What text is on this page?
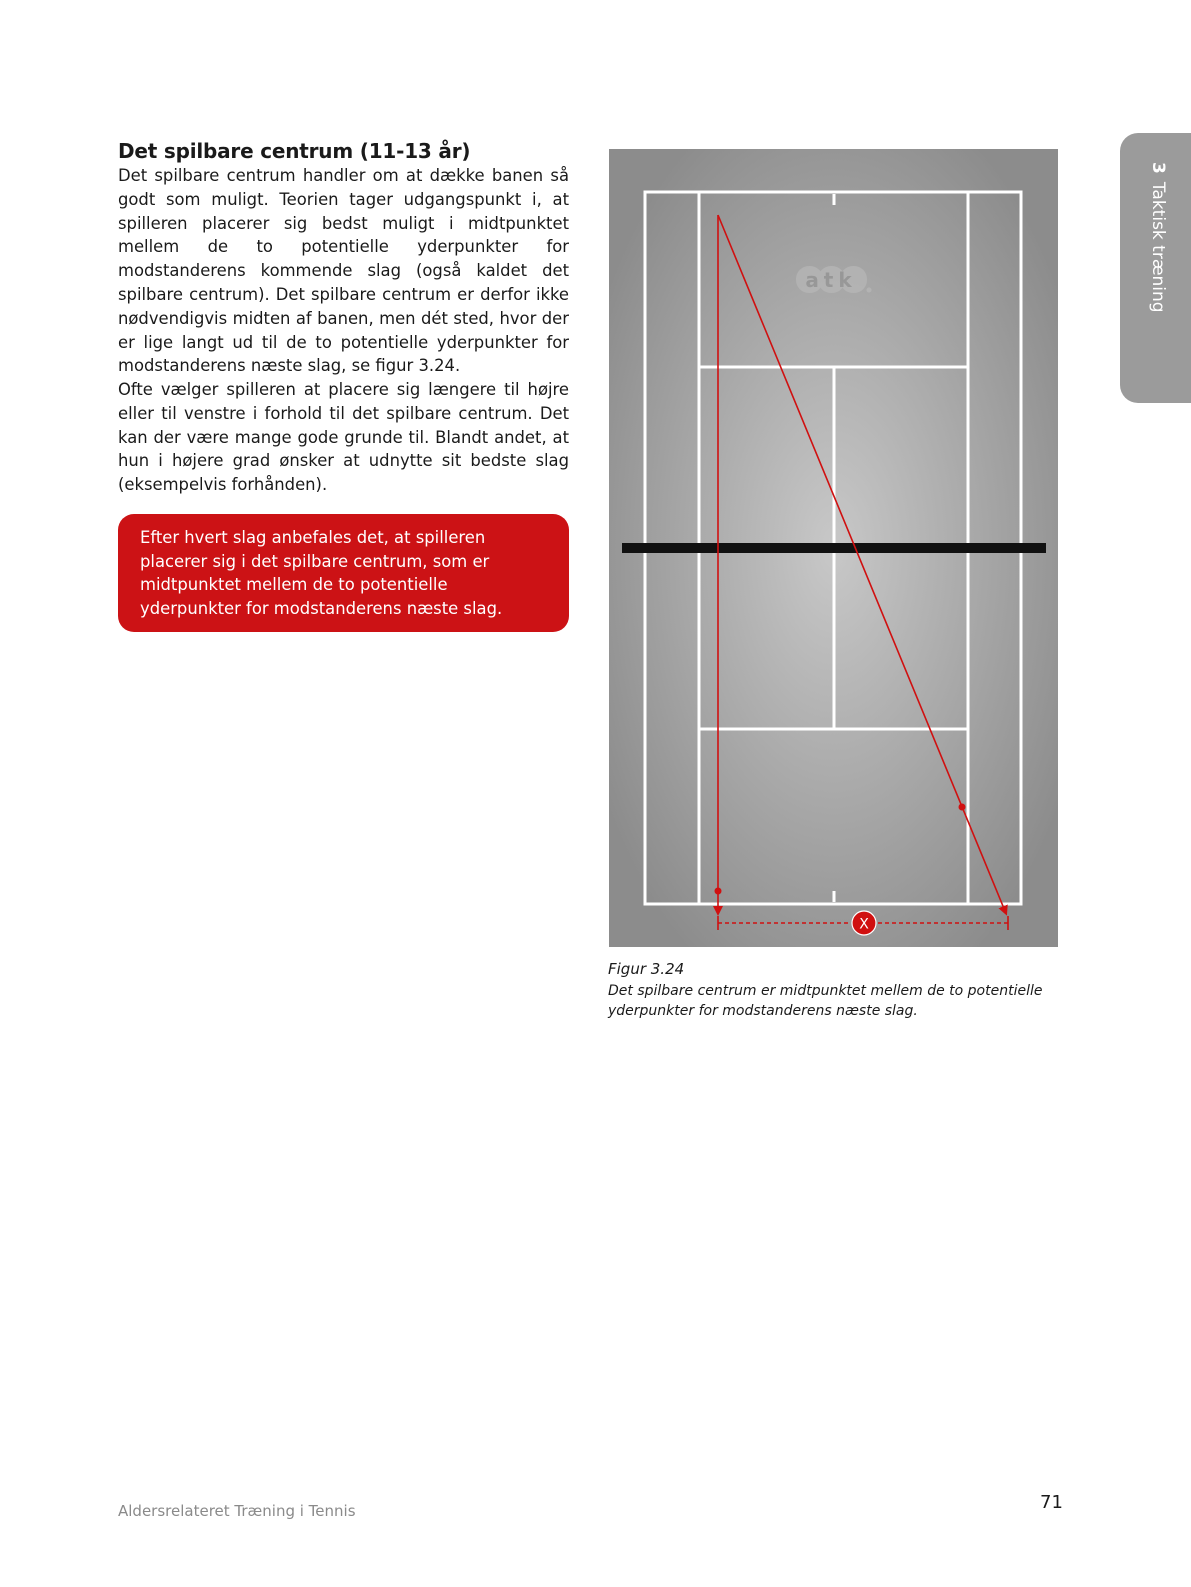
Det spilbare centrum (11-13 år)

Det spilbare centrum handler om at dække banen så godt som muligt. Teorien tager udgangspunkt i, at spilleren placerer sig bedst muligt i midtpunktet mellem de to potentielle yderpunkter for modstanderens kommende slag (også kaldet det spilbare centrum). Det spilbare centrum er derfor ikke nødvendigvis midten af banen, men dét sted, hvor der er lige langt ud til de to potentielle yderpunkter for modstanderens næste slag, se figur 3.24.

Ofte vælger spilleren at placere sig længere til højre eller til venstre i forhold til det spilbare centrum. Det kan der være mange gode grunde til. Blandt andet, at hun i højere grad ønsker at udnytte sit bedste slag (eksempelvis forhånden).

Efter hvert slag anbefales det, at spilleren placerer sig i det spilbare centrum, som er midtpunktet mellem de to potentielle yderpunkter for modstanderens næste slag.

3Taktisk træning
atk
X

Figur 3.24

Det spilbare centrum er midtpunktet mellem de to potentielle yderpunkter for modstanderens næste slag.

Aldersrelateret Træning i Tennis	71
